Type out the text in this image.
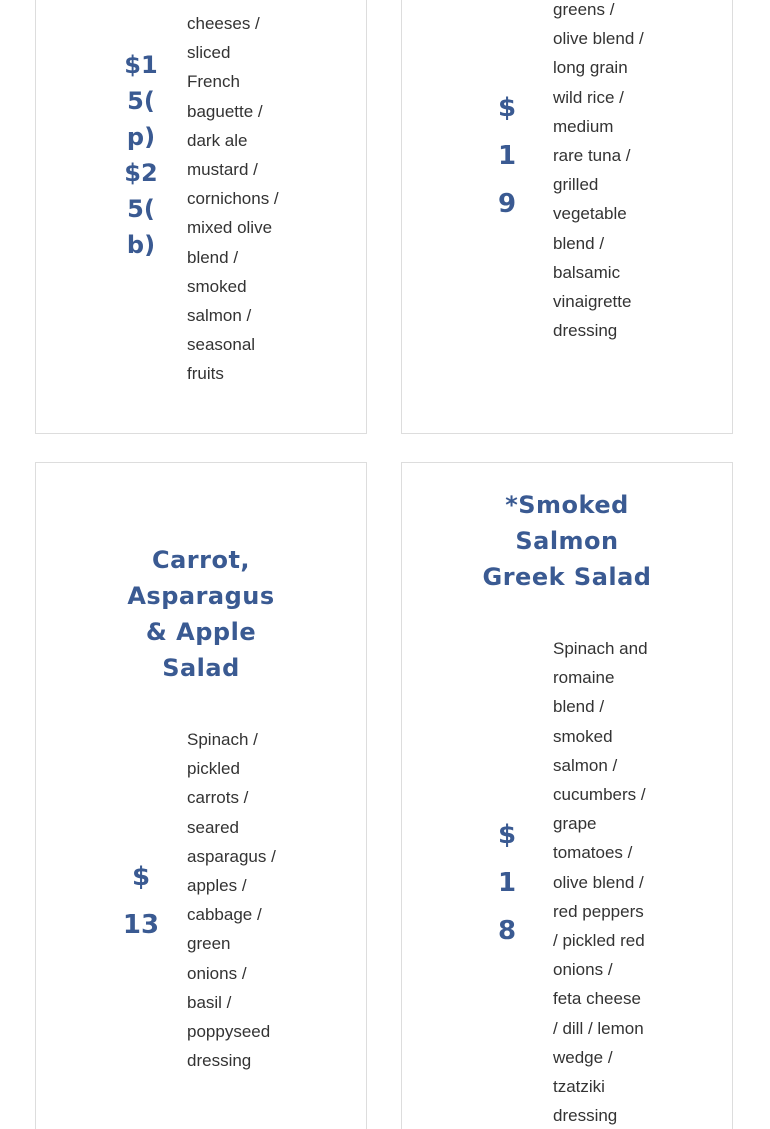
$1
5(
p)
$2
5(
b)
cheeses /
sliced
French
baguette /
dark ale
mustard /
cornichons /
mixed olive
blend /
smoked
salmon /
seasonal
fruits
$
1
9
greens /
olive blend /
long grain
wild rice /
medium
rare tuna /
grilled
vegetable
blend /
balsamic
vinaigrette
dressing
Carrot,
Asparagus
& Apple
Salad
$
13
Spinach /
pickled
carrots /
seared
asparagus /
apples /
cabbage /
green
onions /
basil /
poppyseed
dressing
*Smoked
Salmon
Greek Salad
$
1
8
Spinach and
romaine
blend /
smoked
salmon /
cucumbers /
grape
tomatoes /
olive blend /
red peppers
/ pickled red
onions /
feta cheese
/ dill / lemon
wedge /
tzatziki
dressing
